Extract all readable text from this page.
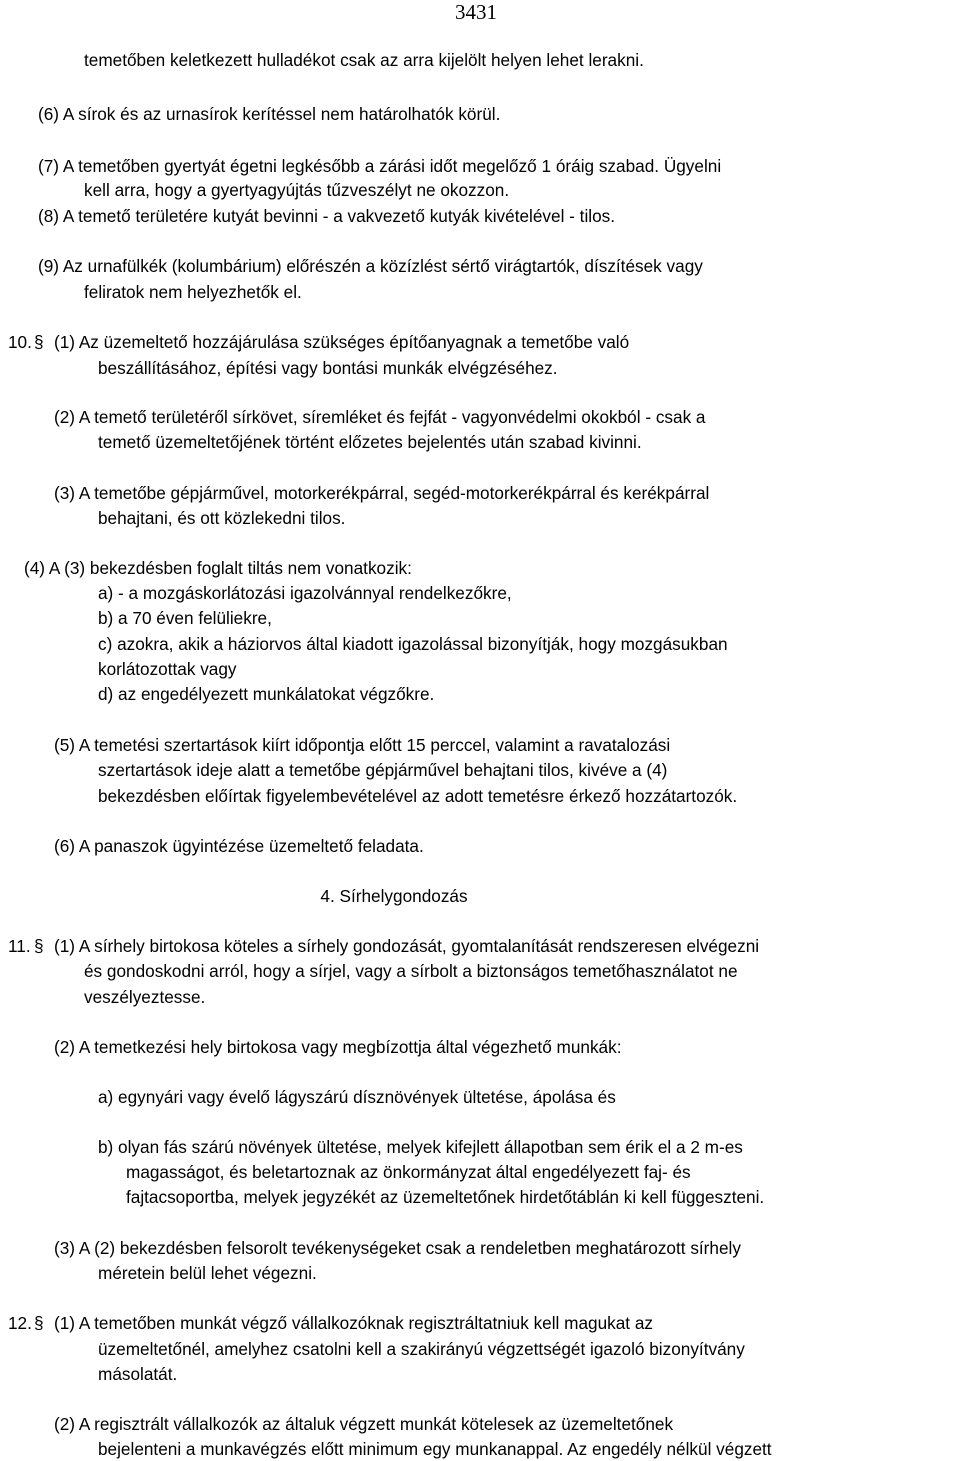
3431
temetőben keletkezett hulladékot csak az arra kijelölt helyen lehet lerakni.
(6) A sírok és az urnasírok kerítéssel nem határolhatók körül.
(7) A temetőben gyertyát égetni legkésőbb a zárási időt megelőző 1 óráig szabad. Ügyelni
kell arra, hogy a gyertyagyújtás tűzveszélyt ne okozzon.
(8) A temető területére kutyát bevinni - a vakvezető kutyák kivételével - tilos.
(9) Az urnafülkék (kolumbárium) előrészén a közízlést sértő virágtartók, díszítések vagy
feliratok nem helyezhetők el.
10. § (1) Az üzemeltető hozzájárulása szükséges építőanyagnak a temetőbe való
beszállításához, építési vagy bontási munkák elvégzéséhez.
(2) A temető területéről sírkövet, síremléket és fejfát - vagyonvédelmi okokból - csak a
temető üzemeltetőjének történt előzetes bejelentés után szabad kivinni.
(3) A temetőbe gépjárművel, motorkerékpárral, segéd-motorkerékpárral és kerékpárral
behajtani, és ott közlekedni tilos.
(4) A (3) bekezdésben foglalt tiltás nem vonatkozik:
a) - a mozgáskorlátozási igazolvánnyal rendelkezőkre,
b) a 70 éven felüliekre,
c) azokra, akik a háziorvos által kiadott igazolással bizonyítják, hogy mozgásukban
korlátozottak vagy
d) az engedélyezett munkálatokat végzőkre.
(5) A temetési szertartások kiírt időpontja előtt 15 perccel, valamint a ravatalozási
szertartások ideje alatt a temetőbe gépjárművel behajtani tilos, kivéve a (4)
bekezdésben előírtak figyelembevételével az adott temetésre érkező hozzátartozók.
(6) A panaszok ügyintézése üzemeltető feladata.
4. Sírhelygondozás
11. § (1) A sírhely birtokosa köteles a sírhely gondozását, gyomtalanítását rendszeresen elvégezni
és gondoskodni arról, hogy a sírjel, vagy a sírbolt a biztonságos temetőhasználatot ne
veszélyeztesse.
(2) A temetkezési hely birtokosa vagy megbízottja által végezhető munkák:
a) egynyári vagy évelő lágyszárú dísznövények ültetése, ápolása és
b) olyan fás szárú növények ültetése, melyek kifejlett állapotban sem érik el a 2 m-es
magasságot, és beletartoznak az önkormányzat által engedélyezett faj- és
fajtacsoportba, melyek jegyzékét az üzemeltetőnek hirdetőtáblán ki kell függeszteni.
(3) A (2) bekezdésben felsorolt tevékenységeket csak a rendeletben meghatározott sírhely
méretein belül lehet végezni.
12. § (1) A temetőben munkát végző vállalkozóknak regisztráltatniuk kell magukat az
üzemeltetőnél, amelyhez csatolni kell a szakirányú végzettségét igazoló bizonyítvány
másolatát.
(2) A regisztrált vállalkozók az általuk végzett munkát kötelesek az üzemeltetőnek
bejelenteni a munkavégzés előtt minimum egy munkanappal. Az engedély nélkül végzett
